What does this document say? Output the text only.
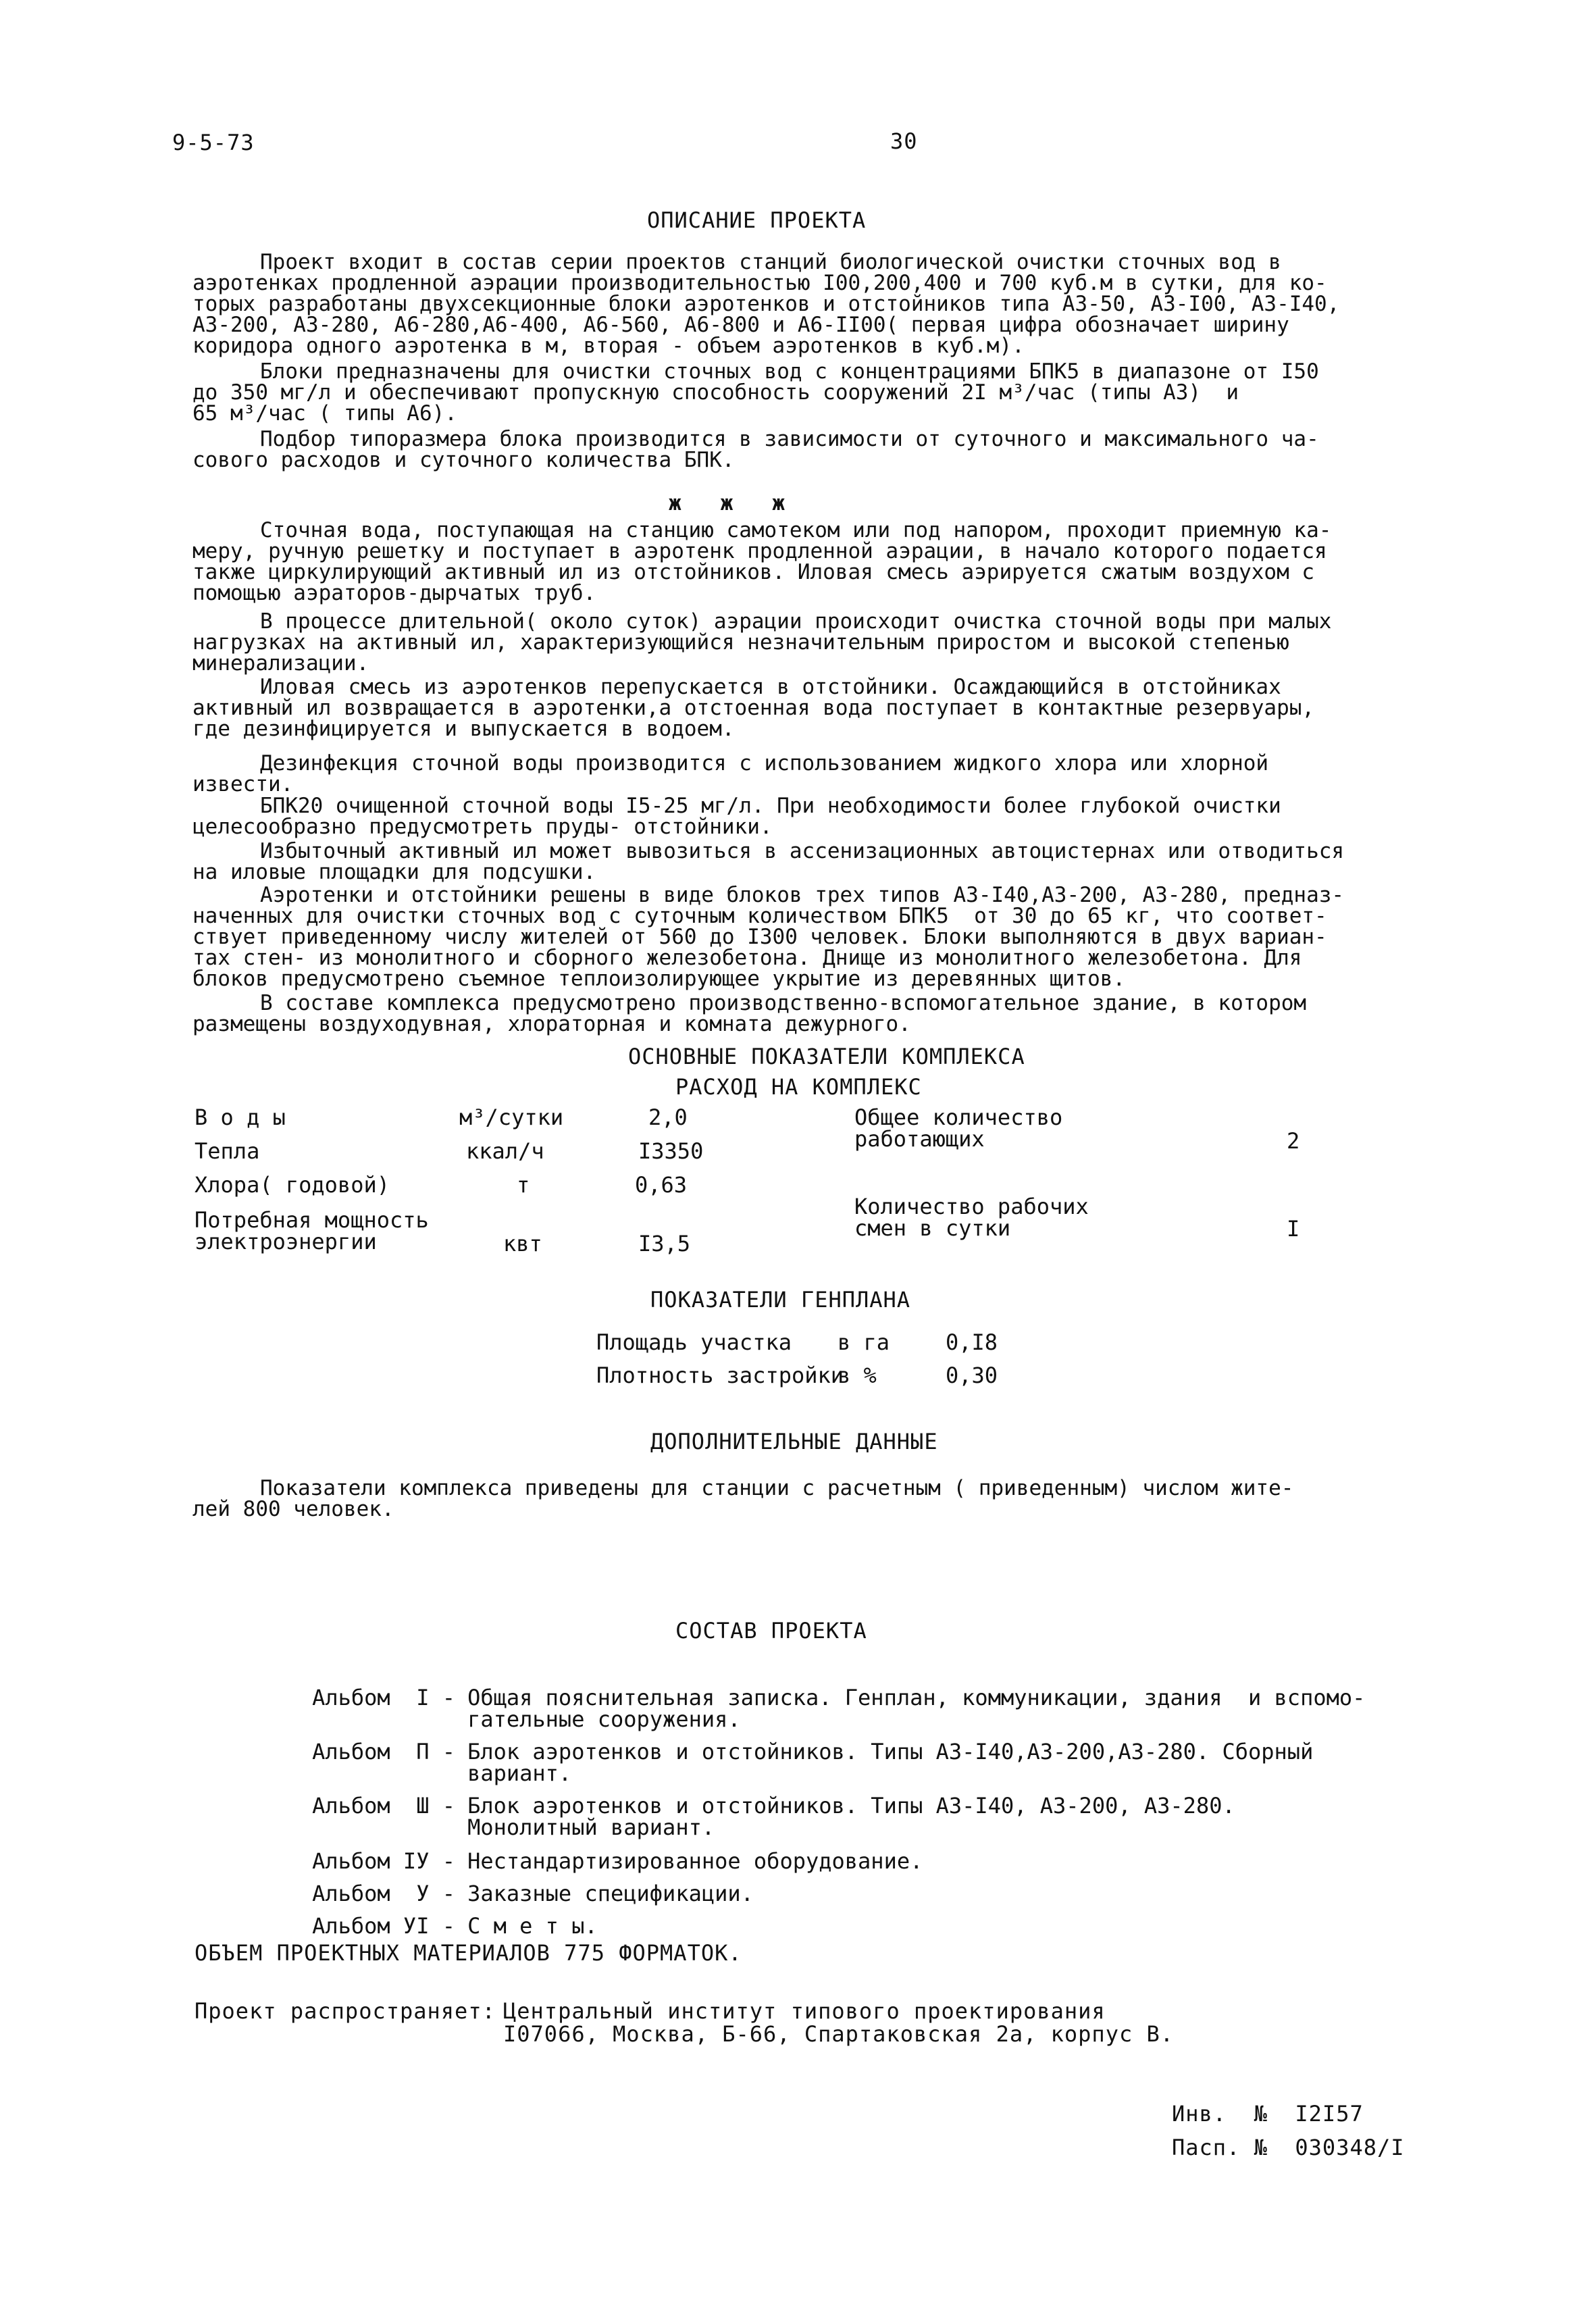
9-5-73	30
ОПИСАНИЕ ПРОЕКТА

Проект входит в состав серии проектов станций биологической очистки сточных вод в

аэротенках продленной аэрации производительностью I00,200,400 и 700 куб.м в сутки, для ко-

торых разработаны двухсекционные блоки аэротенков и отстойников типа А3-50, А3-I00, А3-I40,

А3-200, А3-280, А6-280,А6-400, А6-560, А6-800 и А6-II00( первая цифра обозначает ширину

коридора одного аэротенка в м, вторая - объем аэротенков в куб.м).

Блоки предназначены для очистки сточных вод с концентрациями БПК5 в диапазоне от I50

до 350 мг/л и обеспечивают пропускную способность сооружений 2I м³/час (типы А3)  и

65 м³/час ( типы А6).

Подбор типоразмера блока производится в зависимости от суточного и максимального ча-

сового расходов и суточного количества БПК.

ж   ж   ж

Сточная вода, поступающая на станцию самотеком или под напором, проходит приемную ка-

меру, ручную решетку и поступает в аэротенк продленной аэрации, в начало которого подается

также циркулирующий активный ил из отстойников. Иловая смесь аэрируется сжатым воздухом с

помощью аэраторов-дырчатых труб.

В процессе длительной( около суток) аэрации происходит очистка сточной воды при малых

нагрузках на активный ил, характеризующийся незначительным приростом и высокой степенью

минерализации.

Иловая смесь из аэротенков перепускается в отстойники. Осаждающийся в отстойниках

активный ил возвращается в аэротенки,а отстоенная вода поступает в контактные резервуары,

где дезинфицируется и выпускается в водоем.

Дезинфекция сточной воды производится с использованием жидкого хлора или хлорной

извести.

БПК20 очищенной сточной воды I5-25 мг/л. При необходимости более глубокой очистки

целесообразно предусмотреть пруды- отстойники.

Избыточный активный ил может вывозиться в ассенизационных автоцистернах или отводиться

на иловые площадки для подсушки.

Аэротенки и отстойники решены в виде блоков трех типов А3-I40,А3-200, А3-280, предназ-

наченных для очистки сточных вод с суточным количеством БПК5  от 30 до 65 кг, что соответ-

ствует приведенному числу жителей от 560 до I300 человек. Блоки выполняются в двух вариан-

тах стен- из монолитного и сборного железобетона. Днище из монолитного железобетона. Для

блоков предусмотрено съемное теплоизолирующее укрытие из деревянных щитов.

В составе комплекса предусмотрено производственно-вспомогательное здание, в котором

размещены воздуходувная, хлораторная и комната дежурного.

ОСНОВНЫЕ ПОКАЗАТЕЛИ КОМПЛЕКСА
РАСХОД НА КОМПЛЕКС
В о д ы	м³/сутки	2,0
Тепла	ккал/ч	I3350
Хлора( годовой)	т	0,63
Потребная мощность
электроэнергии	квт	I3,5
Общее количество
работающих	2
Количество рабочих
смен в сутки	I
ПОКАЗАТЕЛИ ГЕНПЛАНА
Площадь участка в га	0,I8
Плотность застройки
в %	0,30
ДОПОЛНИТЕЛЬНЫЕ ДАННЫЕ

Показатели комплекса приведены для станции с расчетным ( приведенным) числом жите-

лей 800 человек.

СОСТАВ ПРОЕКТА

Альбом  I - Общая пояснительная записка. Генплан, коммуникации, здания  и вспомо-
гательные сооружения.

Альбом  П - Блок аэротенков и отстойников. Типы А3-I40,А3-200,А3-280. Сборный
вариант.

Альбом  Ш - Блок аэротенков и отстойников. Типы А3-I40, А3-200, А3-280.
Монолитный вариант.

Альбом IУ - Нестандартизированное оборудование.

Альбом  У - Заказные спецификации.

Альбом УI - С м е т ы.

ОБЪЕМ ПРОЕКТНЫХ МАТЕРИАЛОВ 775 ФОРМАТОК.
Проект распространяет: Центральный институт типового проектирования
I07066, Москва, Б-66, Спартаковская 2а, корпус В.
Инв.  №  I2I57
Пасп. №  030348/I
